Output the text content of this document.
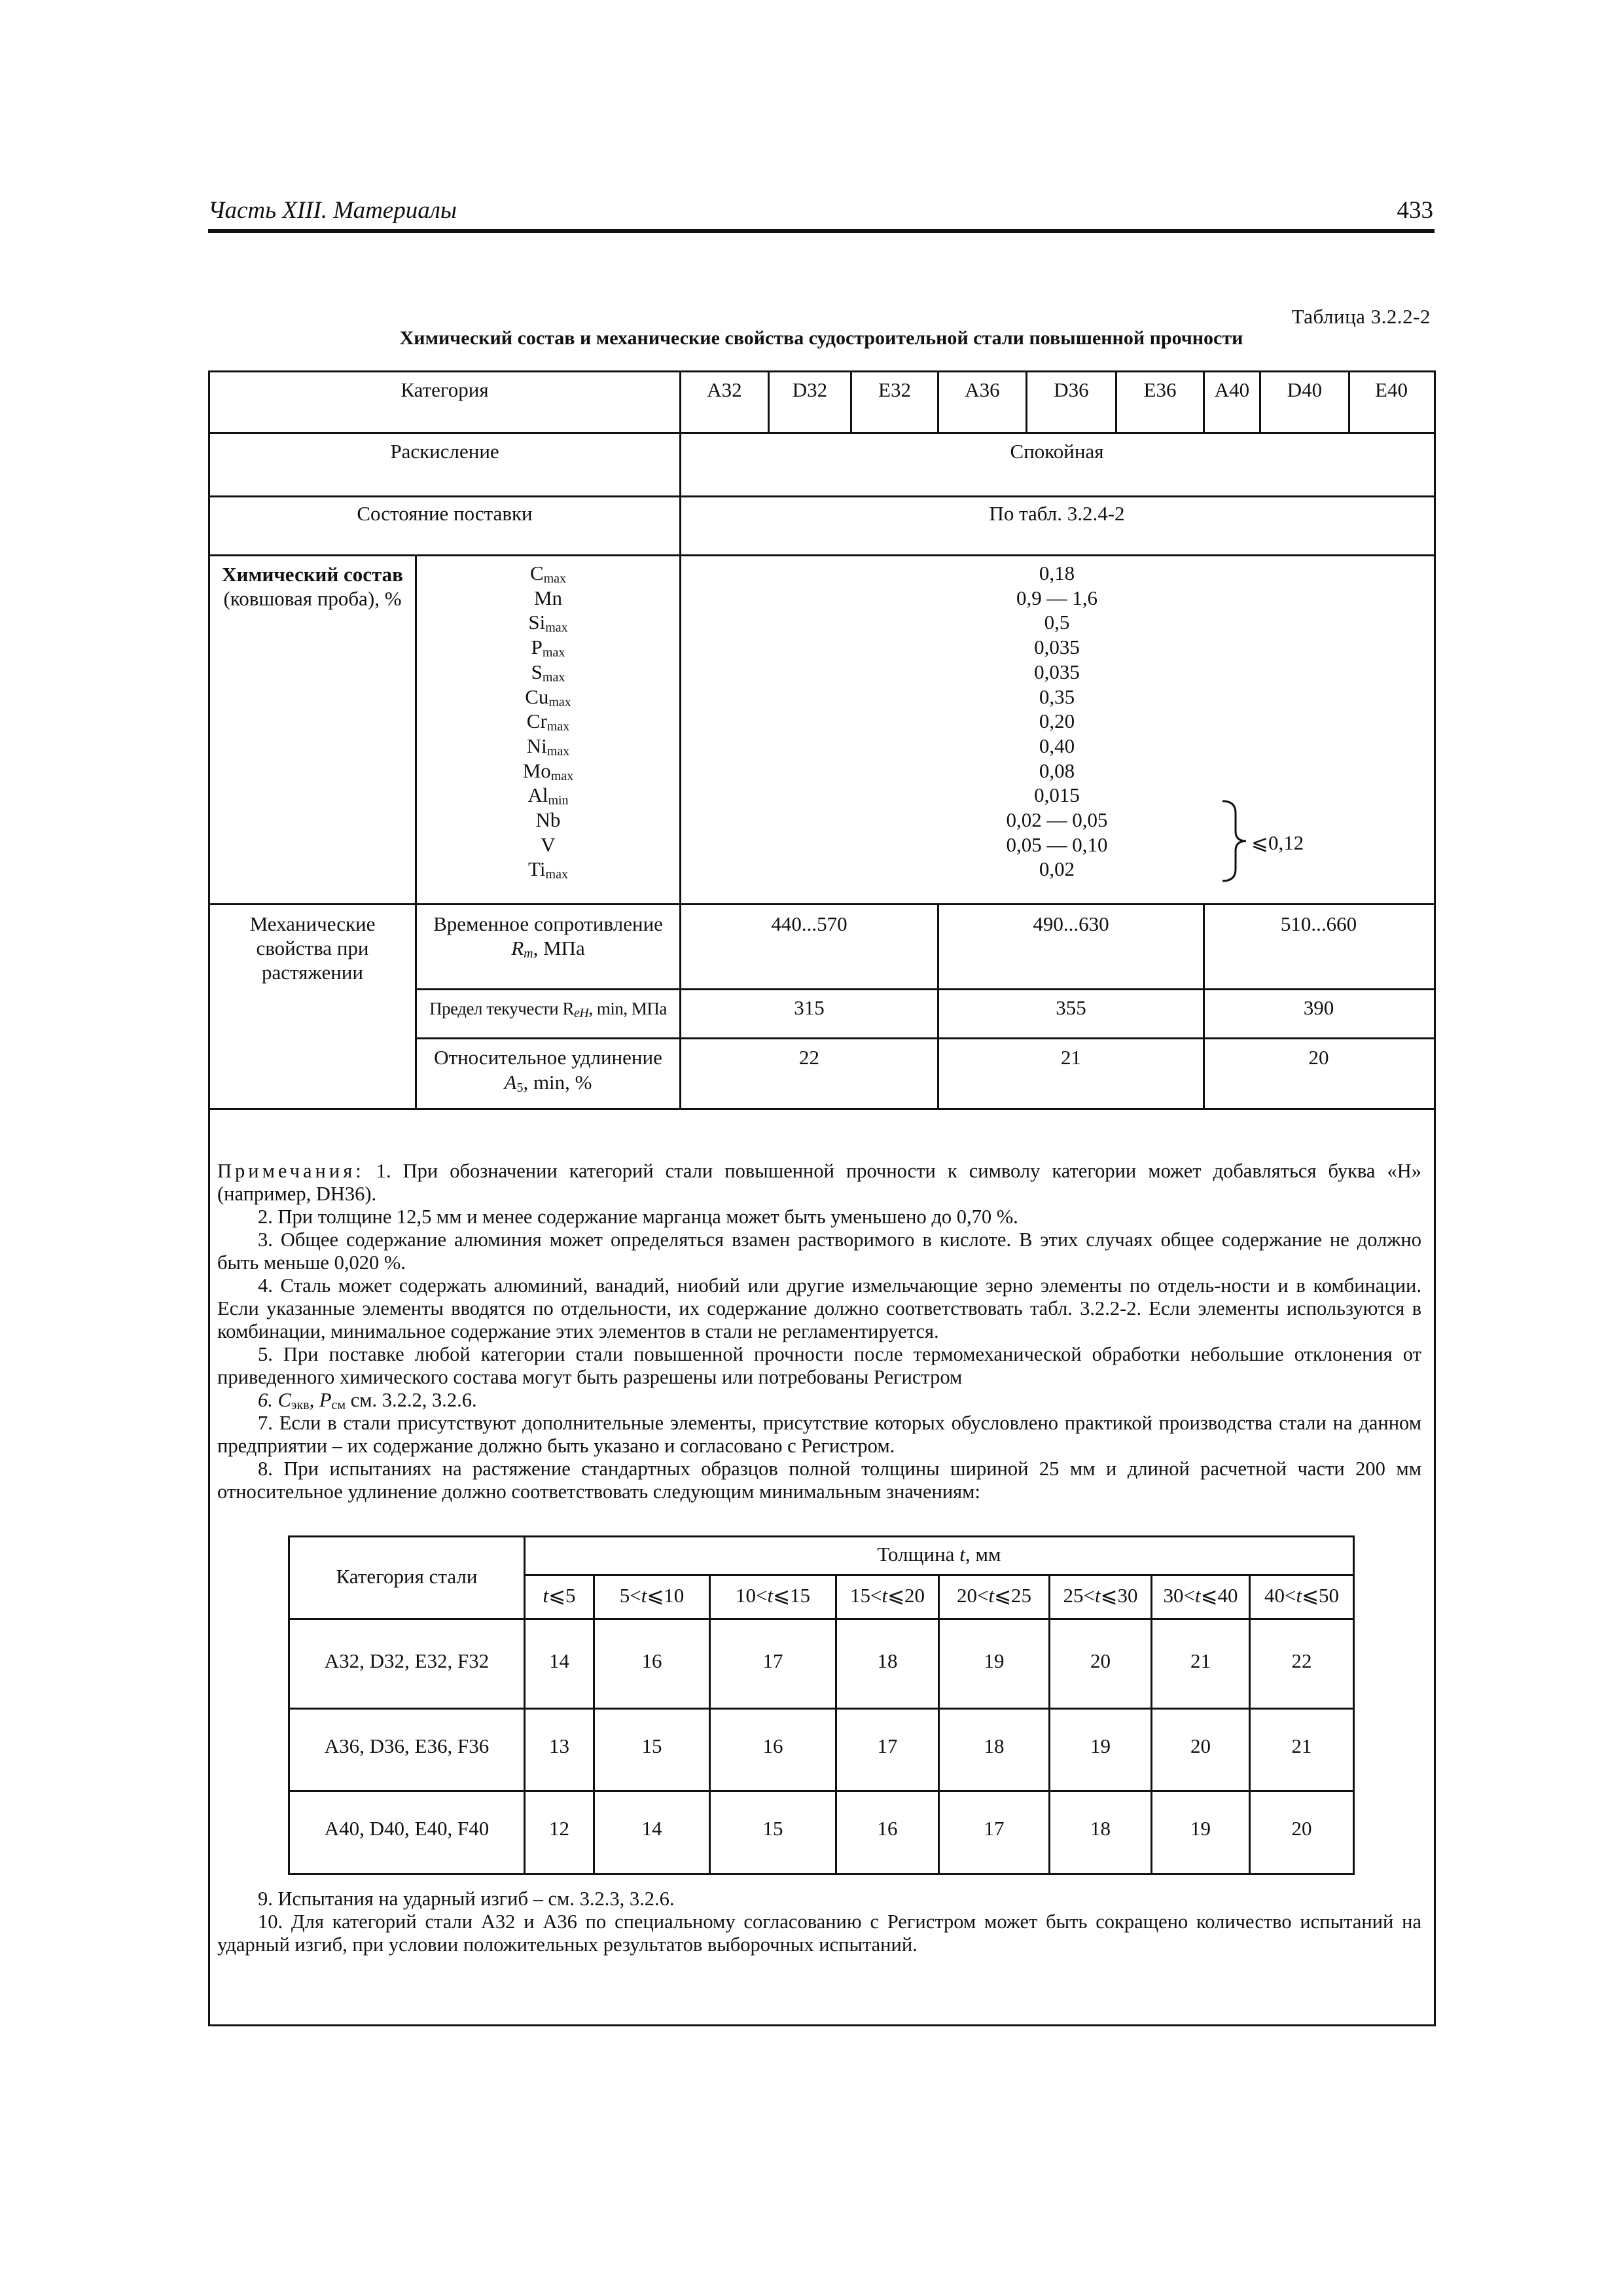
Часть XIII. Материалы	433
Таблица 3.2.2-2
Химический состав и механические свойства судостроительной стали повышенной прочности
Категория	A32	D32	E32	A36	D36	E36	A40	D40	E40
Раскисление	Спокойная
Состояние поставки	По табл. 3.2.4-2
Химический состав
(ковшовая проба), %
$C_{max}$	0,18
Mn	0,9 — 1,6
$Si_{max}$	0,5
$P_{max}$	0,035
$S_{max}$	0,035
$Cu_{max}$	0,35
$Cr_{max}$	0,20
$Ni_{max}$	0,40
$Mo_{max}$	0,08
$Al_{min}$	0,015
Nb	0,02 — 0,05
V	0,05 — 0,10
$Ti_{max}$	0,02
⩽0,12
Механические
свойства при
растяжении
Временное сопротивление
$R_m$, МПа
440...570	490...630	510...660
Предел текучести $R_{eH}$, min, МПа	315	355	390
Относительное удлинение
$A_5$, min, %
22	21	20
Примечания: 1. При обозначении категорий стали повышенной прочности к символу категории может добавляться буква «H» (например, DH36).
2. При толщине 12,5 мм и менее содержание марганца может быть уменьшено до 0,70 %.
3. Общее содержание алюминия может определяться взамен растворимого в кислоте. В этих случаях общее содержание не должно быть меньше 0,020 %.
4. Сталь может содержать алюминий, ванадий, ниобий или другие измельчающие зерно элементы по отдель-ности и в комбинации. Если указанные элементы вводятся по отдельности, их содержание должно соответствовать табл. 3.2.2-2. Если элементы используются в комбинации, минимальное содержание этих элементов в стали не регламентируется.
5. При поставке любой категории стали повышенной прочности после термомеханической обработки небольшие отклонения от приведенного химического состава могут быть разрешены или потребованы Регистром
6. $C_{экв}$, $P_{см}$ см. 3.2.2, 3.2.6.
7. Если в стали присутствуют дополнительные элементы, присутствие которых обусловлено практикой производства стали на данном предприятии – их содержание должно быть указано и согласовано с Регистром.
8. При испытаниях на растяжение стандартных образцов полной толщины шириной 25 мм и длиной расчетной части 200 мм относительное удлинение должно соответствовать следующим минимальным значениям:
Категория стали
Толщина t, мм
t⩽5	5<t⩽10	10<t⩽15	15<t⩽20	20<t⩽25	25<t⩽30	30<t⩽40	40<t⩽50
A32, D32, E32, F32	14	16	17	18	19	20	21	22
A36, D36, E36, F36	13	15	16	17	18	19	20	21
A40, D40, E40, F40	12	14	15	16	17	18	19	20
9. Испытания на ударный изгиб – см. 3.2.3, 3.2.6.
10. Для категорий стали A32 и A36 по специальному согласованию с Регистром может быть сокращено количество испытаний на ударный изгиб, при условии положительных результатов выборочных испытаний.
